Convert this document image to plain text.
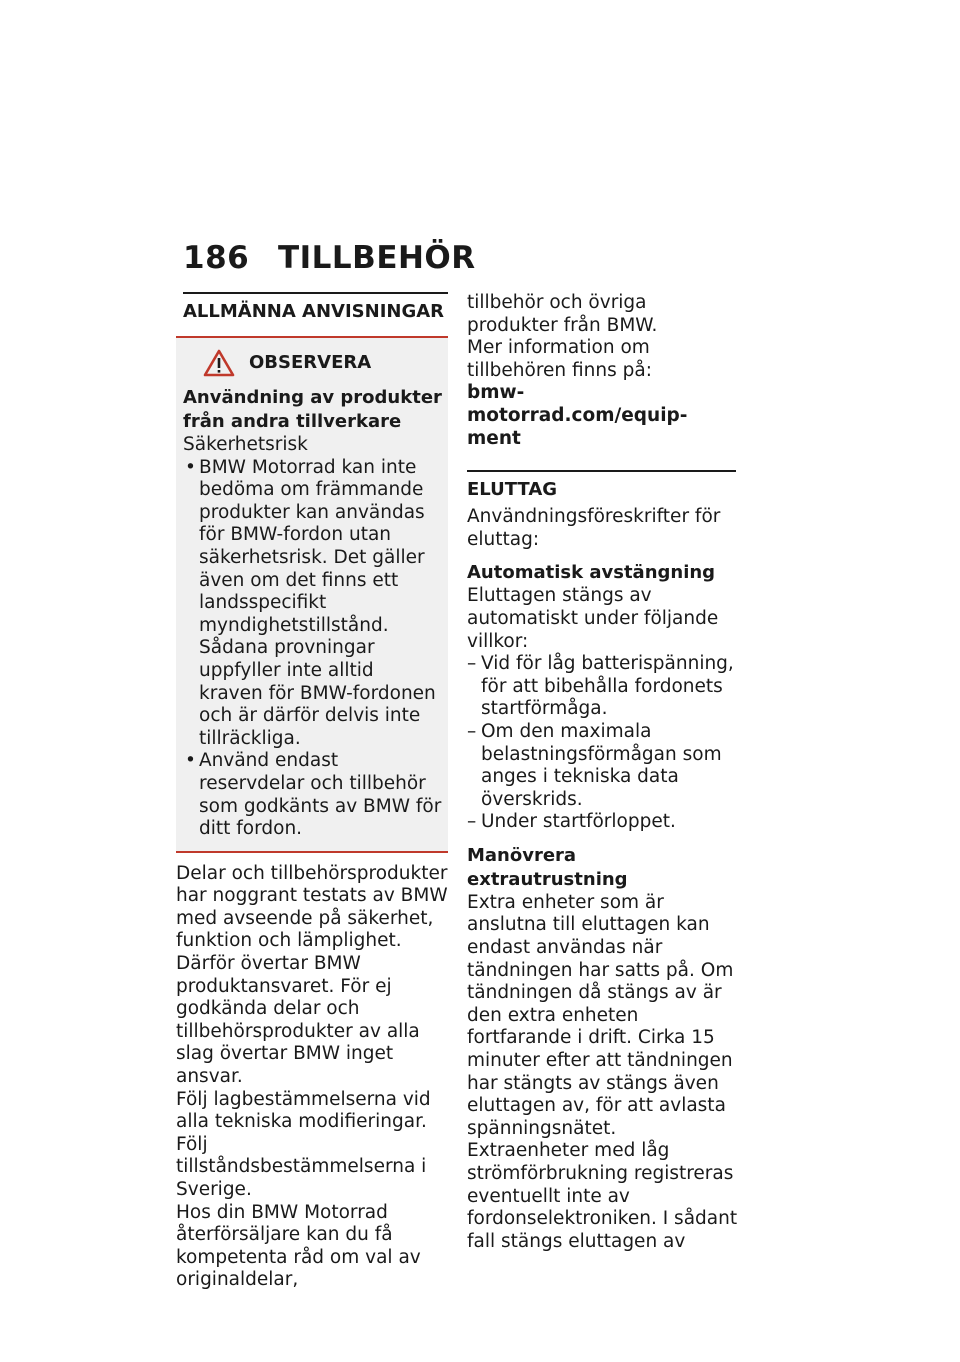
186 TILLBEHÖR
ALLMÄNNA ANVISNINGAR
OBSERVERA
Användning av produkter
från andra tillverkare
Säkerhetsrisk
• BMW Motorrad kan inte bedöma om främmande produkter kan användas för BMW-fordon utan säkerhetsrisk. Det gäller även om det finns ett landsspecifikt myndighetstillstånd. Sådana provningar uppfyller inte alltid kraven för BMW-fordonen och är därför delvis inte tillräckliga.
• Använd endast reservdelar och tillbehör som godkänts av BMW för ditt fordon.
Delar och tillbehörsprodukter har noggrant testats av BMW med avseende på säkerhet, funktion och lämplighet. Därför övertar BMW produktansvaret. För ej godkända delar och tillbehörsprodukter av alla slag övertar BMW inget ansvar.
Följ lagbestämmelserna vid alla tekniska modifieringar. Följ tillståndsbestämmelserna i Sverige.
Hos din BMW Motorrad återförsäljare kan du få kompetenta råd om val av originaldelar,
tillbehör och övriga produkter från BMW.
Mer information om tillbehören finns på:
bmw-motorrad.com/equip-
ment
ELUTTAG
Användningsföreskrifter för eluttag:
Automatisk avstängning
Eluttagen stängs av automatiskt under följande villkor:
– Vid för låg batterispänning, för att bibehålla fordonets startförmåga.
– Om den maximala belastningsförmågan som anges i tekniska data överskrids.
– Under startförloppet.
Manövrera extrautrustning
Extra enheter som är anslutna till eluttagen kan endast användas när tändningen har satts på. Om tändningen då stängs av är den extra enheten fortfarande i drift. Cirka 15 minuter efter att tändningen har stängts av stängs även eluttagen av, för att avlasta spänningsnätet.
Extraenheter med låg strömförbrukning registreras eventuellt inte av fordonselektroniken. I sådant fall stängs eluttagen av
